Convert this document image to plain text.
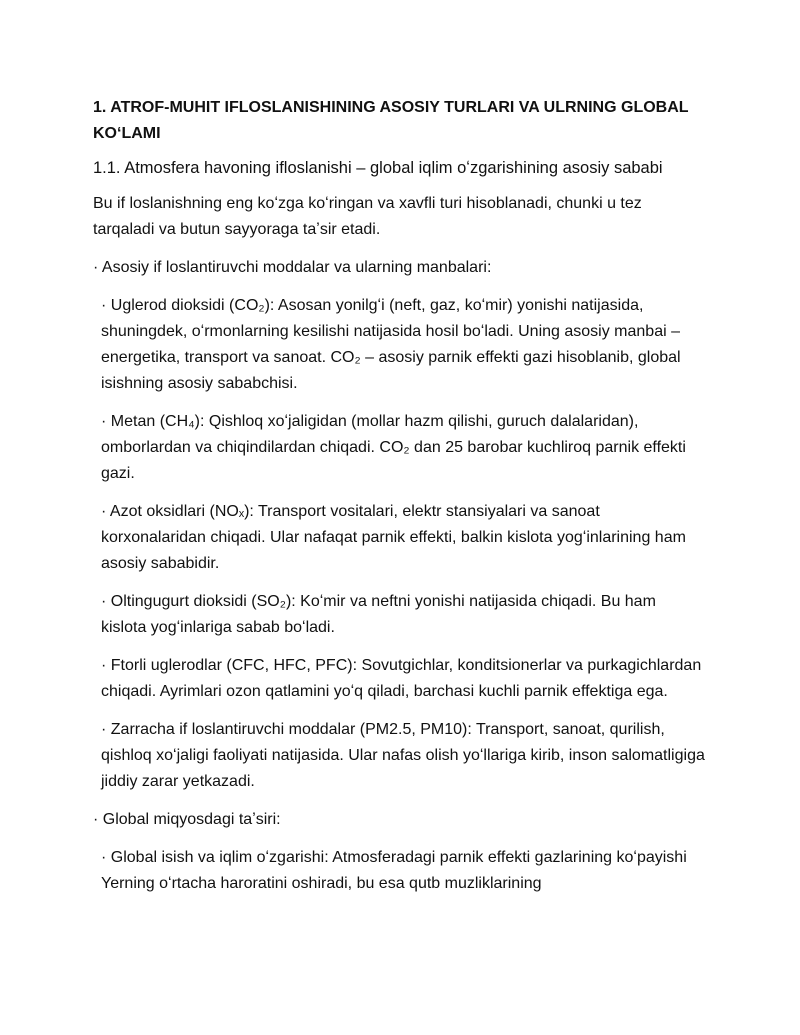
1. ATROF-MUHIT IFLOSLANISHINING ASOSIY TURLARI VA ULRNING GLOBAL KOʻLAMI
1.1. Atmosfera havoning ifloslanishi – global iqlim oʻzgarishining asosiy sababi

Bu if loslanishning eng koʻzga koʻringan va xavfli turi hisoblanadi, chunki u tez tarqaladi va butun sayyoraga taʼsir etadi.

· Asosiy if loslantiruvchi moddalar va ularning manbalari:

· Uglerod dioksidi (CO₂): Asosan yonilgʻi (neft, gaz, koʻmir) yonishi natijasida, shuningdek, oʻrmonlarning kesilishi natijasida hosil boʻladi. Uning asosiy manbai – energetika, transport va sanoat. CO₂ – asosiy parnik effekti gazi hisoblanib, global isishning asosiy sababchisi.

· Metan (CH₄): Qishloq xoʻjaligidan (mollar hazm qilishi, guruch dalalaridan), omborlardan va chiqindilardan chiqadi. CO₂ dan 25 barobar kuchliroq parnik effekti gazi.

· Azot oksidlari (NOₓ): Transport vositalari, elektr stansiyalari va sanoat korxonalaridan chiqadi. Ular nafaqat parnik effekti, balkin kislota yogʻinlarining ham asosiy sababidir.

· Oltingugurt dioksidi (SO₂): Koʻmir va neftni yonishi natijasida chiqadi. Bu ham kislota yogʻinlariga sabab boʻladi.

· Ftorli uglerodlar (CFC, HFC, PFC): Sovutgichlar, konditsionerlar va purkagichlardan chiqadi. Ayrimlari ozon qatlamini yoʻq qiladi, barchasi kuchli parnik effektiga ega.

· Zarracha if loslantiruvchi moddalar (PM2.5, PM10): Transport, sanoat, qurilish, qishloq xoʻjaligi faoliyati natijasida. Ular nafas olish yoʻllariga kirib, inson salomatligiga jiddiy zarar yetkazadi.

· Global miqyosdagi taʼsiri:

· Global isish va iqlim oʻzgarishi: Atmosferadagi parnik effekti gazlarining koʻpayishi Yerning oʻrtacha haroratini oshiradi, bu esa qutb muzliklarining
